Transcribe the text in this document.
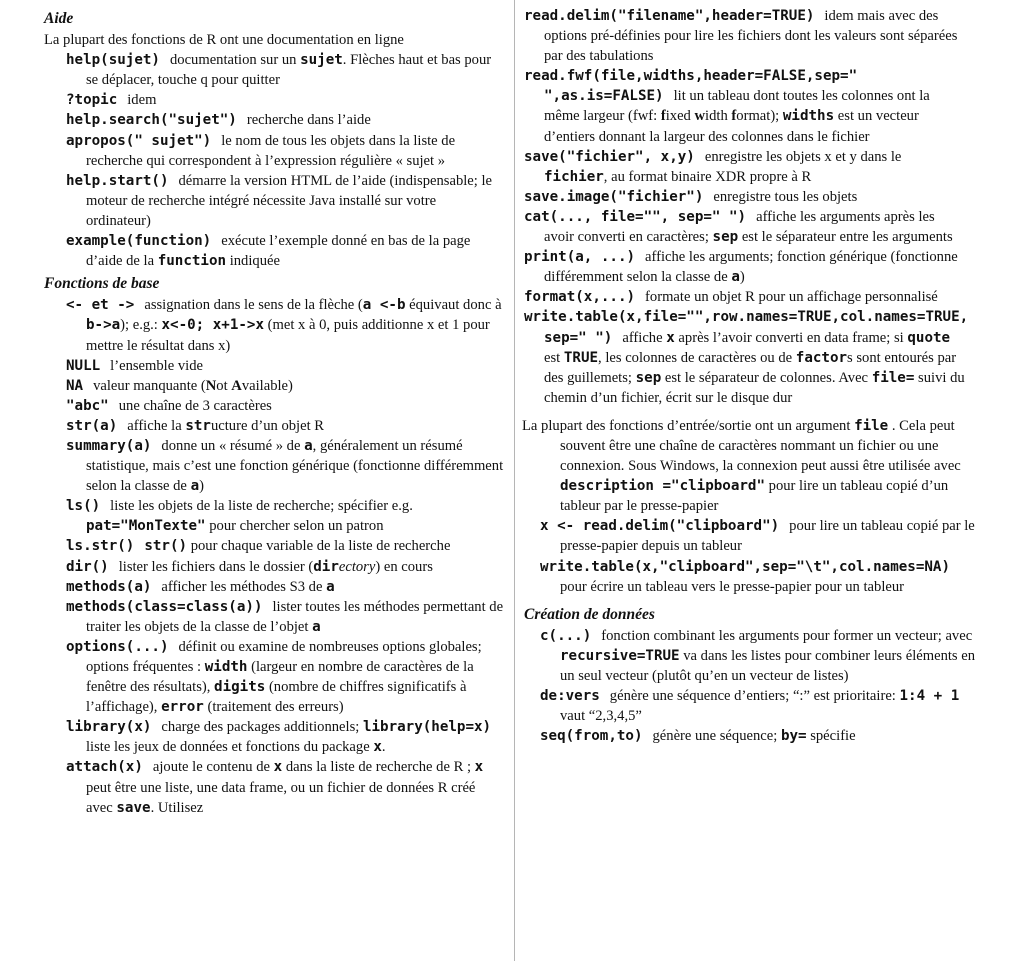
Aide

La plupart des fonctions de R ont une documentation en ligne

help(sujet) documentation sur un sujet. Flèches haut et bas pour se déplacer, touche q pour quitter

?topic idem

help.search("sujet") recherche dans l’aide

apropos(" sujet") le nom de tous les objets dans la liste de recherche qui correspondent à l’expression régulière « sujet »

help.start() démarre la version HTML de l’aide (indispensable; le moteur de recherche intégré nécessite Java installé sur votre ordinateur)

example(function) exécute l’exemple donné en bas de la page d’aide de la function indiquée

Fonctions de base

<- et -> assignation dans le sens de la flèche (a <-b équivaut donc à b->a); e.g.: x<-0; x+1->x (met x à 0, puis additionne x et 1 pour mettre le résultat dans x)

NULL l’ensemble vide

NA valeur manquante (Not Available)

"abc" une chaîne de 3 caractères

str(a) affiche la structure d’un objet R

summary(a) donne un « résumé » de a, généralement un résumé statistique, mais c’est une fonction générique (fonctionne différemment selon la classe de a)

ls() liste les objets de la liste de recherche; spécifier e.g. pat="MonTexte" pour chercher selon un patron

ls.str() str() pour chaque variable de la liste de recherche

dir() lister les fichiers dans le dossier (directory) en cours

methods(a) afficher les méthodes S3 de a

methods(class=class(a)) lister toutes les méthodes permettant de traiter les objets de la classe de l’objet a

options(...) définit ou examine de nombreuses options globales; options fréquentes : width (largeur en nombre de caractères de la fenêtre des résultats), digits (nombre de chiffres significatifs à l’affichage), error (traitement des erreurs)

library(x) charge des packages additionnels; library(help=x) liste les jeux de données et fonctions du package x.

attach(x) ajoute le contenu de x dans la liste de recherche de R ; x peut être une liste, une data frame, ou un fichier de données R créé avec save. Utilisez

read.delim("filename",header=TRUE) idem mais avec des options pré-définies pour lire les fichiers dont les valeurs sont séparées par des tabulations

read.fwf(file,widths,header=FALSE,sep=" ",as.is=FALSE) lit un tableau dont toutes les colonnes ont la même largeur (fwf: fixed width format); widths est un vecteur d’entiers donnant la largeur des colonnes dans le fichier

save("fichier", x,y) enregistre les objets x et y dans le fichier, au format binaire XDR propre à R

save.image("fichier") enregistre tous les objets

cat(..., file="", sep=" ") affiche les arguments après les avoir converti en caractères; sep est le séparateur entre les arguments

print(a, ...) affiche les arguments; fonction générique (fonctionne différemment selon la classe de a)

format(x,...) formate un objet R pour un affichage personnalisé

write.table(x,file="",row.names=TRUE,col.names=TRUE, sep=" ") affiche x après l’avoir converti en data frame; si quote est TRUE, les colonnes de caractères ou de factors sont entourés par des guillemets; sep est le séparateur de colonnes. Avec file= suivi du chemin d’un fichier, écrit sur le disque dur

La plupart des fonctions d’entrée/sortie ont un argument file . Cela peut souvent être une chaîne de caractères nommant un fichier ou une connexion. Sous Windows, la connexion peut aussi être utilisée avec description ="clipboard" pour lire un tableau copié d’un tableur par le presse-papier

x <- read.delim("clipboard") pour lire un tableau copié par le presse-papier depuis un tableur

write.table(x,"clipboard",sep="\t",col.names=NA)pour écrire un tableau vers le presse-papier pour un tableur

Création de données

c(...) fonction combinant les arguments pour former un vecteur; avec recursive=TRUE va dans les listes pour combiner leurs éléments en un seul vecteur (plutôt qu’en un vecteur de listes)

de:vers génère une séquence d’entiers; “:” est prioritaire: 1:4 + 1 vaut “2,3,4,5”

seq(from,to) génère une séquence; by= spécifie
